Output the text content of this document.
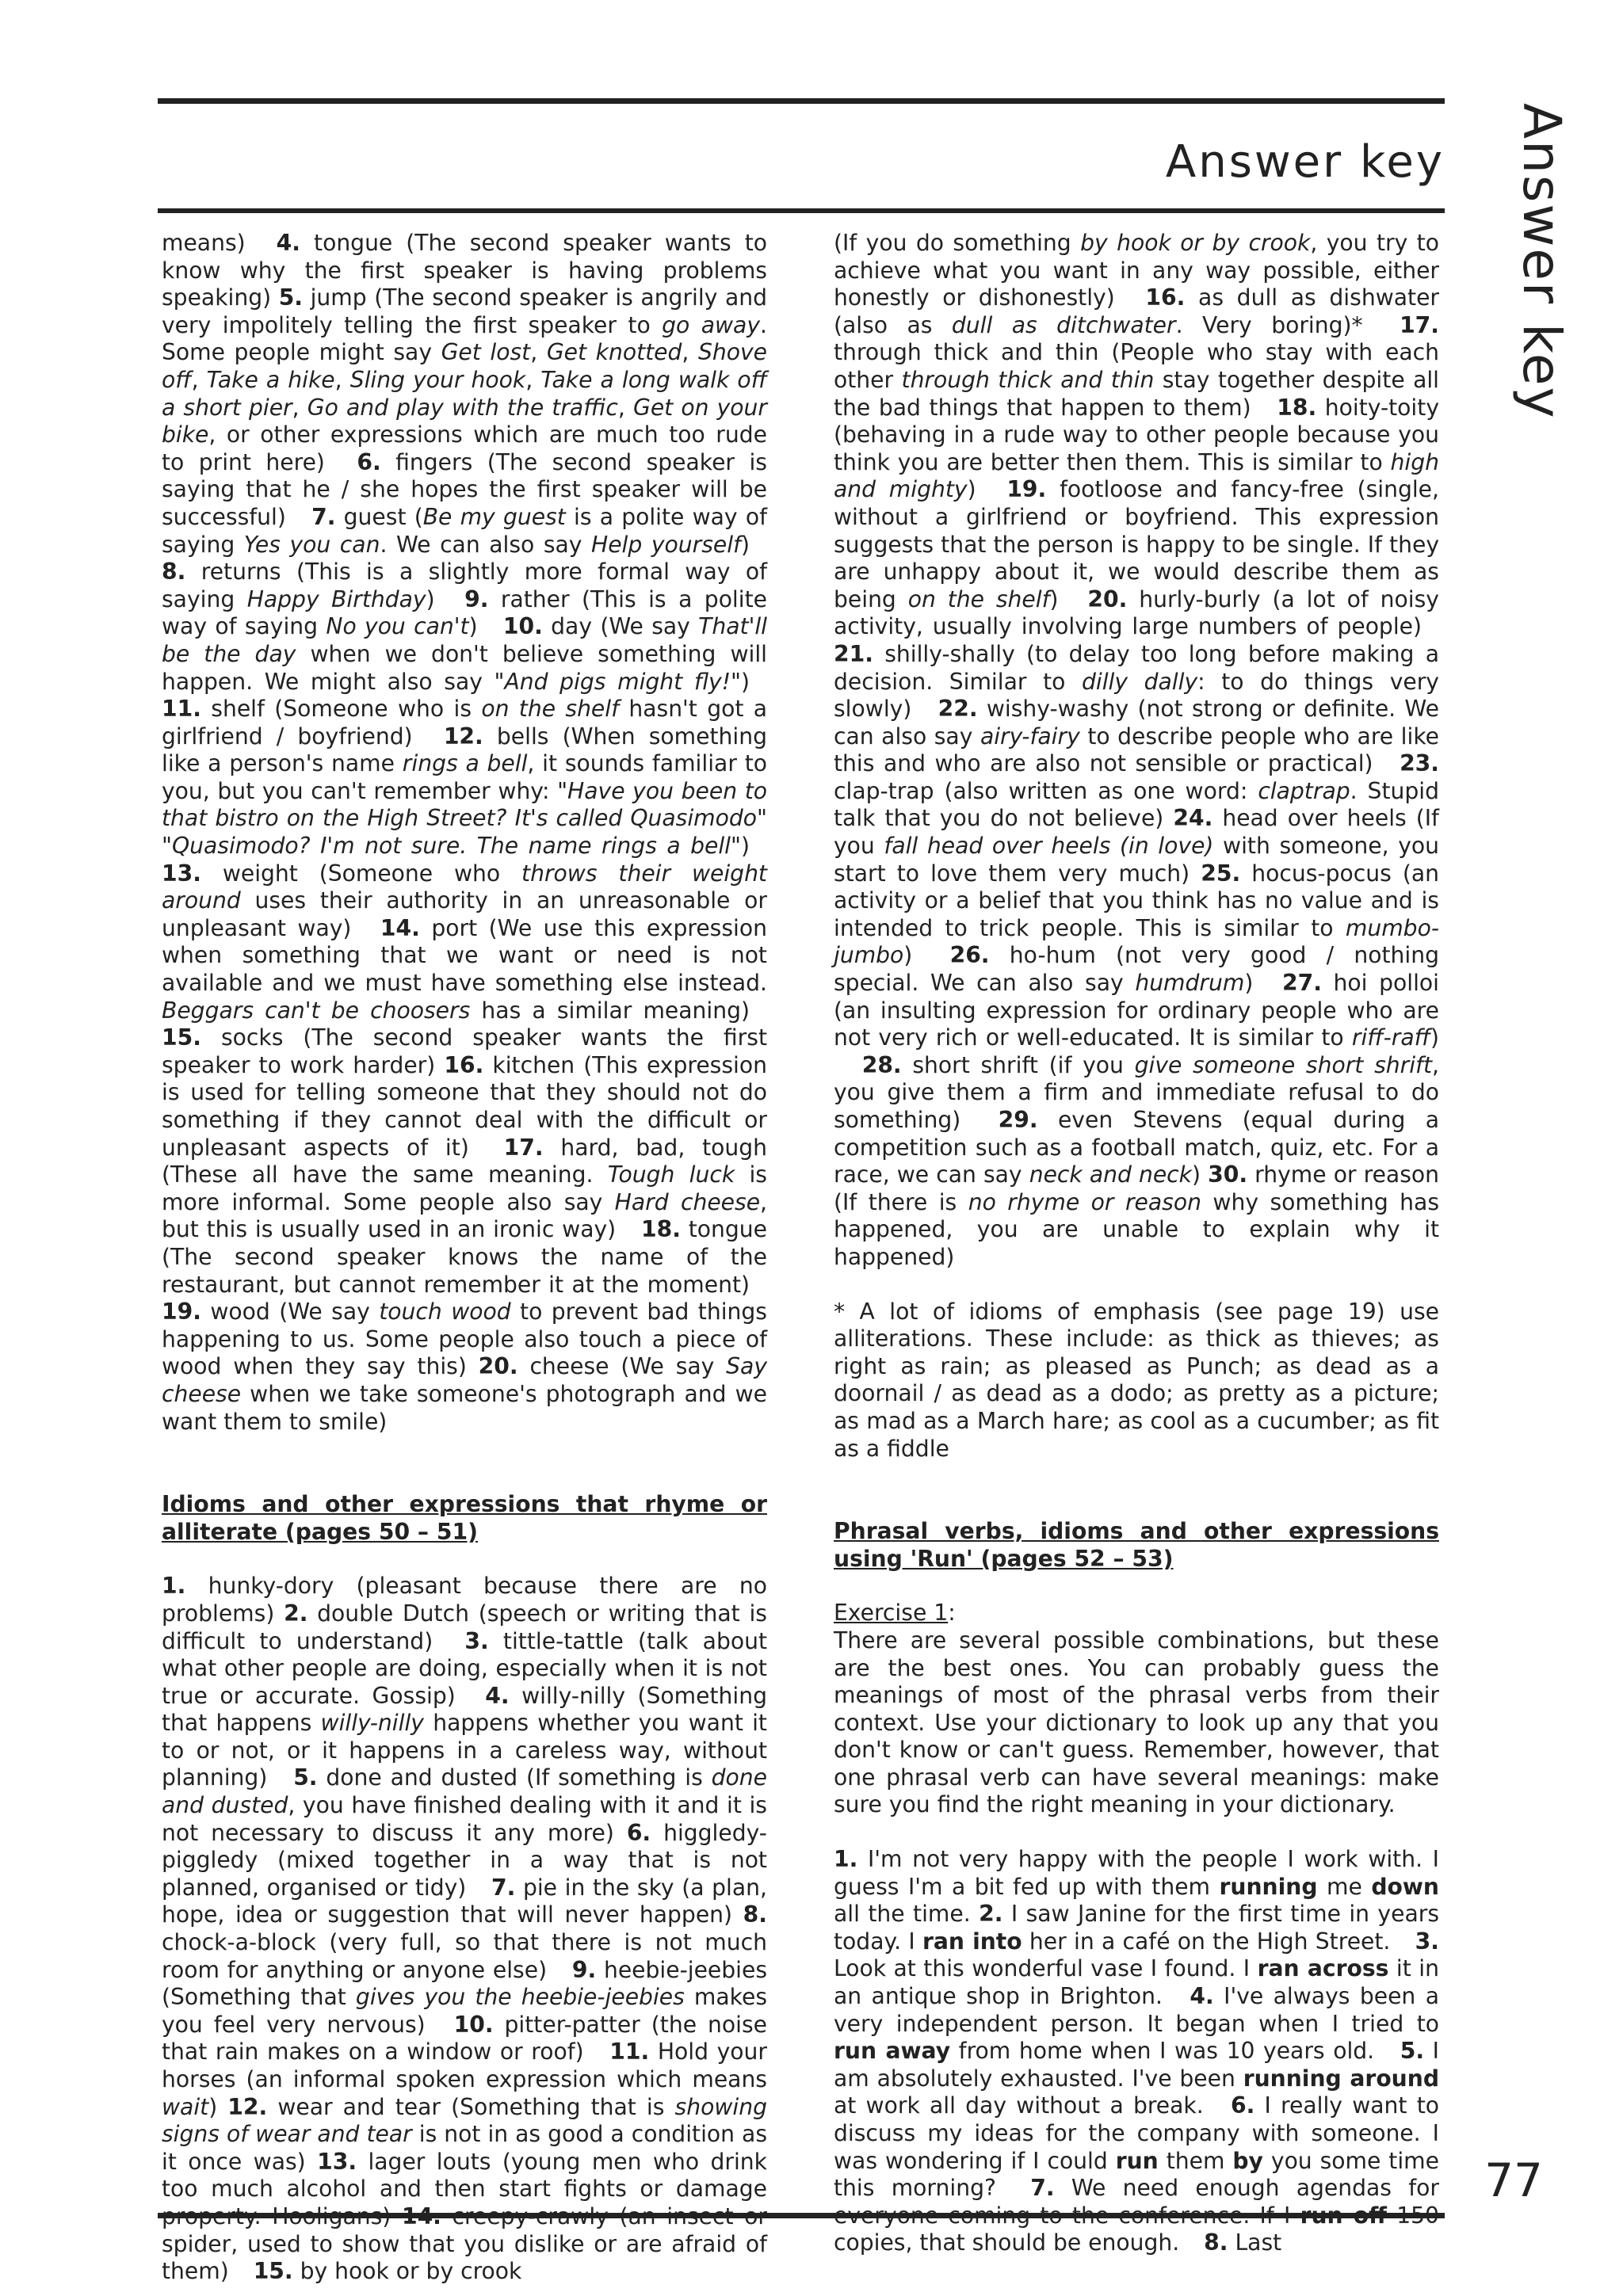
Answer key Answer key

means) 4. tongue (The second speaker wants to know why the first speaker is having problems speaking) 5. jump (The second speaker is angrily and very impolitely telling the first speaker to go away. Some people might say Get lost, Get knotted, Shove off, Take a hike, Sling your hook, Take a long walk off a short pier, Go and play with the traffic, Get on your bike, or other expressions which are much too rude to print here) 6. fingers (The second speaker is saying that he / she hopes the first speaker will be successful) 7. guest (Be my guest is a polite way of saying Yes you can. We can also say Help yourself) 8. returns (This is a slightly more formal way of saying Happy Birthday) 9. rather (This is a polite way of saying No you can't) 10. day (We say That'll be the day when we don't believe something will happen. We might also say "And pigs might fly!") 11. shelf (Someone who is on the shelf hasn't got a girlfriend / boyfriend) 12. bells (When something like a person's name rings a bell, it sounds familiar to you, but you can't remember why: "Have you been to that bistro on the High Street? It's called Quasimodo" "Quasimodo? I'm not sure. The name rings a bell") 13. weight (Someone who throws their weight around uses their authority in an unreasonable or unpleasant way) 14. port (We use this expression when something that we want or need is not available and we must have something else instead. Beggars can't be choosers has a similar meaning) 15. socks (The second speaker wants the first speaker to work harder) 16. kitchen (This expression is used for telling someone that they should not do something if they cannot deal with the difficult or unpleasant aspects of it) 17. hard, bad, tough (These all have the same meaning. Tough luck is more informal. Some people also say Hard cheese, but this is usually used in an ironic way) 18. tongue (The second speaker knows the name of the restaurant, but cannot remember it at the moment) 19. wood (We say touch wood to prevent bad things happening to us. Some people also touch a piece of wood when they say this) 20. cheese (We say Say cheese when we take someone's photograph and we want them to smile)

Idioms and other expressions that rhyme or alliterate (pages 50 – 51)

1. hunky-dory (pleasant because there are no problems) 2. double Dutch (speech or writing that is difficult to understand) 3. tittle-tattle (talk about what other people are doing, especially when it is not true or accurate. Gossip) 4. willy-nilly (Something that happens willy-nilly happens whether you want it to or not, or it happens in a careless way, without planning) 5. done and dusted (If something is done and dusted, you have finished dealing with it and it is not necessary to discuss it any more) 6. higgledy-piggledy (mixed together in a way that is not planned, organised or tidy) 7. pie in the sky (a plan, hope, idea or suggestion that will never happen) 8. chock-a-block (very full, so that there is not much room for anything or anyone else) 9. heebie-jeebies (Something that gives you the heebie-jeebies makes you feel very nervous) 10. pitter-patter (the noise that rain makes on a window or roof) 11. Hold your horses (an informal spoken expression which means wait) 12. wear and tear (Something that is showing signs of wear and tear is not in as good a condition as it once was) 13. lager louts (young men who drink too much alcohol and then start fights or damage spider, used to show that you dislike or are afraid of them) 15. by hook or by crook

(If you do something by hook or by crook, you try to achieve what you want in any way possible, either honestly or dishonestly) 16. as dull as dishwater (also as dull as ditchwater. Very boring)* 17. through thick and thin (People who stay with each other through thick and thin stay together despite all the bad things that happen to them) 18. hoity-toity (behaving in a rude way to other people because you think you are better then them. This is similar to high and mighty) 19. footloose and fancy-free (single, without a girlfriend or boyfriend. This expression suggests that the person is happy to be single. If they are unhappy about it, we would describe them as being on the shelf) 20. hurly-burly (a lot of noisy activity, usually involving large numbers of people) 21. shilly-shally (to delay too long before making a decision. Similar to dilly dally: to do things very slowly) 22. wishy-washy (not strong or definite. We can also say airy-fairy to describe people who are like this and who are also not sensible or practical) 23. clap-trap (also written as one word: claptrap. Stupid talk that you do not believe) 24. head over heels (If you fall head over heels (in love) with someone, you start to love them very much) 25. hocus-pocus (an activity or a belief that you think has no value and is intended to trick people. This is similar to mumbo-jumbo) 26. ho-hum (not very good / nothing special. We can also say humdrum) 27. hoi polloi (an insulting expression for ordinary people who are not very rich or well-educated. It is similar to riff-raff) 28. short shrift (if you give someone short shrift, you give them a firm and immediate refusal to do something) 29. even Stevens (equal during a competition such as a football match, quiz, etc. For a race, we can say neck and neck) 30. rhyme or reason (If there is no rhyme or reason why something has happened, you are unable to explain why it happened)

* A lot of idioms of emphasis (see page 19) use alliterations. These include: as thick as thieves; as right as rain; as pleased as Punch; as dead as a doornail / as dead as a dodo; as pretty as a picture; as mad as a March hare; as cool as a cucumber; as fit as a fiddle

Phrasal verbs, idioms and other expressions using 'Run' (pages 52 – 53)

Exercise 1:

There are several possible combinations, but these are the best ones. You can probably guess the meanings of most of the phrasal verbs from their context. Use your dictionary to look up any that you don't know or can't guess. Remember, however, that one phrasal verb can have several meanings: make sure you find the right meaning in your dictionary.

1. I'm not very happy with the people I work with. I guess I'm a bit fed up with them running me down all the time. 2. I saw Janine for the first time in years today. I ran into her in a café on the High Street. 3. Look at this wonderful vase I found. I ran across it in an antique shop in Brighton. 4. I've always been a very independent person. It began when I tried to run away from home when I was 10 years old. 5. I am absolutely exhausted. I've been running around at work all day without a break. 6. I really want to discuss my ideas for the company with someone. I was wondering if I could run them by you some time this morning? 7. We need enough agendas for copies, that should be enough. 8. Last

77
